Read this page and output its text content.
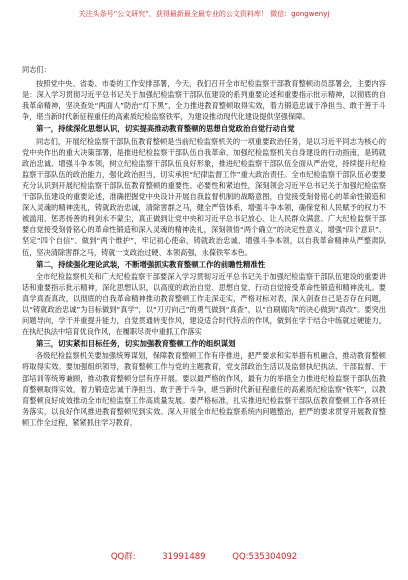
关注头条号“公文研究”，获得最新最全最专业的公文资料库！ 微信：gongwenyj
同志们：

按照党中央、省委、市委的工作安排部署，今天，我们召开全市纪检监察干部教育整顿动员部署会，主要内容是：深入学习贯彻习近平总书记关于加强纪检监察干部队伍建设的系列重要论述和重要指示批示精神，以彻底的自我革命精神，坚决查处“两面人”防治“灯下黑”，全力推进教育整顿取得实效，着力锻造忠诚干净担当、敢于善于斗争，堪当新时代新征程重任的高素质纪检监察铁军，为建设推动现代化建设提供坚强保障。

第一，持续深化思想认识，切实提高推动教育整顿的思想自觉政治自觉行动自觉

同志们，开展纪检监察干部队伍教育整顿是当前纪检监察机关的一项重要政治任务，是以习近平同志为核心的党中央作出的重大决策部署，是推进纪检监察干部队伍自我革命、加强纪检监察机关自身建设的行动指南，是铸就政治忠诚、增强斗争本领，树立纪检监察干部队伍良好形象，推进纪检监察干部队伍全面从严治党，持续提升纪检监察干部队伍的政治能力，强化政治担当，切实承担“纪律监督工作”重大政治责任。全市纪检监察干部队伍必要要充分认识到开展纪检监察干部队伍教育整顿的重要性、必要性和紧迫性，深刻领会习近平总书记关于加强纪检监察干部队伍建设的重要论述，准确把握党中央设计开展自我监督机制的战略意图，自觉接受刻骨铭心的革命性锻造和深入灵魂的精神洗礼，铸就政治忠诚，清除害群之马，健全严管体系，增强斗争本领，确保党和人民赋予的权力不被滥用、惩恶扬善的利剑永不蒙尘，真正做到让党中央和习近平总书记放心、让人民群众满意。广大纪检监察干部要自觉接受刻骨铭心的革命性锻造和深入灵魂的精神洗礼，深刻领悟“两个确立”的决定性意义，增强“四个意识”、坚定“四个自信”、做到“两个维护”，牢记初心使命，铸就政治忠诚、增强斗争本领，以自我革命精神从严整肃队伍，坚决清除害群之马，铸就一支政治过硬、本领高强，永葆铁军本色。

第二，持续强化理论武装，不断增强抓实教育整顿工作的前瞻性精准性

全市纪检监察机关和广大纪检监察干部要深入学习贯彻习近平总书记关于加强纪检监察干部队伍建设的重要讲话和重要指示批示精神，深化思想认识，以高度的政治自觉、思想自觉、行动自觉接受革命性锻造和精神洗礼。要真学真查真改，以彻底的自我革命精神推动教育整顿工作走深走实，严格对标对表，深入剖查自己是否存在问题，以“铸就政治忠诚”为目标做到“真学”，以“刀刃向己”的勇气做到“真查”，以“自刷腐肉”的决心做到“真改”。要突出问题导向，学干并重提升能力，自觉贯通转变作风，建设适合时代特点的作风，做到在学干结合中练就过硬能力，在执纪执法中培育优良作风，在履职尽责中重抓工作落实

第三，切实紧扣目标任务，切实加强教育整顿工作的组织谋划

各级纪检监察机关要加强统筹谋划，保障教育整顿工作有序推进，把严要求和实举措有机融合，推动教育整顿将取得实效。要加强组织领导，教育整顿工作与党的主题教育，党支部政治生活以及监督执纪执法、干部监督、干部培训等统筹兼顾，推动教育整顿分层有序开展。要以最严格的作风，最有力的举措全力推进纪检监察干部队伍教育整顿取得实效，着力锻造忠诚干净担当、敢于善于斗争，堪当新时代新征程重任的高素质纪检监察“铁军”，以教育整顿良好成效推动全市纪检监察工作高质量发展。要严格标准，扎实推进纪检监察干部队伍教育整顿工作各项任务落实，以良好作风推进教育整顿见到实效。深入开展全市纪检监察系统内问题整治，把严的要求贯穿开展教育整顿工作全过程，紧紧抓住学习教育，

QQ群: 31991489	QQ:535304092
